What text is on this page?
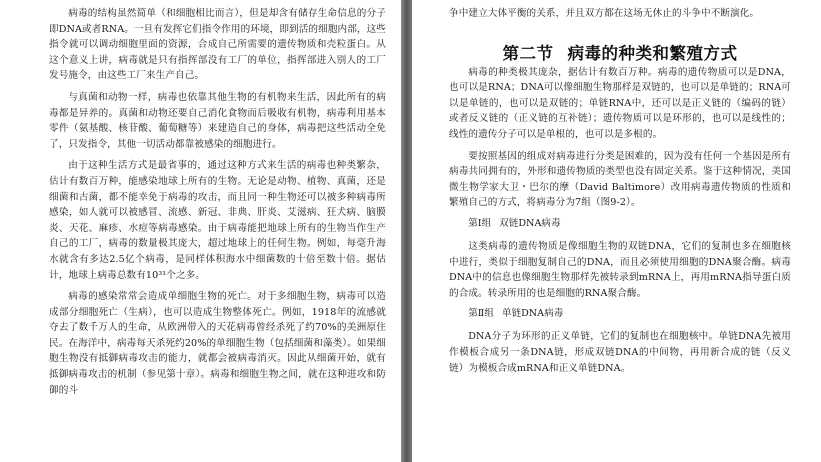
病毒的结构虽然简单（和细胞相比而言），但是却含有储存生命信息的分子即DNA或者RNA。一旦有发挥它们指令作用的环境，即到活的细胞内部，这些指令就可以调动细胞里面的资源，合成自己所需要的遗传物质和壳粒蛋白。从这个意义上讲，病毒就是只有指挥部没有工厂的单位，指挥部进入别人的工厂发号施令，由这些工厂来生产自己。

与真菌和动物一样，病毒也依靠其他生物的有机物来生活，因此所有的病毒都是异养的。真菌和动物还要自己消化食物而后吸收有机物，病毒利用基本零件（氨基酸、核苷酸、葡萄糖等）来建造自己的身体，病毒把这些活动全免了，只发指令，其他一切活动都靠被感染的细胞进行。

由于这种生活方式是最省事的，通过这种方式来生活的病毒也种类繁杂，估计有数百万种，能感染地球上所有的生物。无论是动物、植物、真菌，还是细菌和古菌，都不能幸免于病毒的攻击，而且同一种生物还可以被多种病毒所感染，如人就可以被感冒、流感、新冠、非典、肝炎、艾滋病、狂犬病、脑膜炎、天花、麻疹、水痘等病毒感染。由于病毒能把地球上所有的生物当作生产自己的工厂，病毒的数量极其庞大，超过地球上的任何生物。例如，每毫升海水就含有多达2.5亿个病毒，是同样体积海水中细菌数的十倍至数十倍。据估计，地球上病毒总数有10³¹个之多。

病毒的感染常常会造成单细胞生物的死亡。对于多细胞生物，病毒可以造成部分细胞死亡（生病），也可以造成生物整体死亡。例如，1918年的流感就夺去了数千万人的生命，从欧洲带入的天花病毒曾经杀死了约70%的美洲原住民。在海洋中，病毒每天杀死约20%的单细胞生物（包括细菌和藻类）。如果细胞生物没有抵御病毒攻击的能力，就都会被病毒消灭。因此从细菌开始，就有抵御病毒攻击的机制（参见第十章）。病毒和细胞生物之间，就在这种进攻和防御的斗

争中建立大体平衡的关系，并且双方都在这场无休止的斗争中不断演化。

第二节 病毒的种类和繁殖方式

病毒的种类极其庞杂，据估计有数百万种。病毒的遗传物质可以是DNA，也可以是RNA；DNA可以像细胞生物那样是双链的，也可以是单链的；RNA可以是单链的，也可以是双链的；单链RNA中，还可以是正义链的（编码的链）或者反义链的（正义链的互补链）；遗传物质可以是环形的，也可以是线性的；线性的遗传分子可以是单根的，也可以是多根的。

要按照基因的组成对病毒进行分类是困难的，因为没有任何一个基因是所有病毒共同拥有的，外形和遗传物质的类型也没有固定关系。鉴于这种情况，美国微生物学家大卫・巴尔的摩（David Baltimore）改用病毒遗传物质的性质和繁殖自己的方式，将病毒分为7组（图9-2）。

第Ⅰ组 双链DNA病毒

这类病毒的遗传物质是像细胞生物的双链DNA，它们的复制也多在细胞核中进行，类似于细胞复制自己的DNA，而且必须使用细胞的DNA聚合酶。病毒DNA中的信息也像细胞生物那样先被转录到mRNA上，再用mRNA指导蛋白质的合成。转录所用的也是细胞的RNA聚合酶。

第Ⅱ组 单链DNA病毒

DNA分子为环形的正义单链，它们的复制也在细胞核中。单链DNA先被用作模板合成另一条DNA链，形成双链DNA的中间物，再用新合成的链（反义链）为模板合成mRNA和正义单链DNA。
